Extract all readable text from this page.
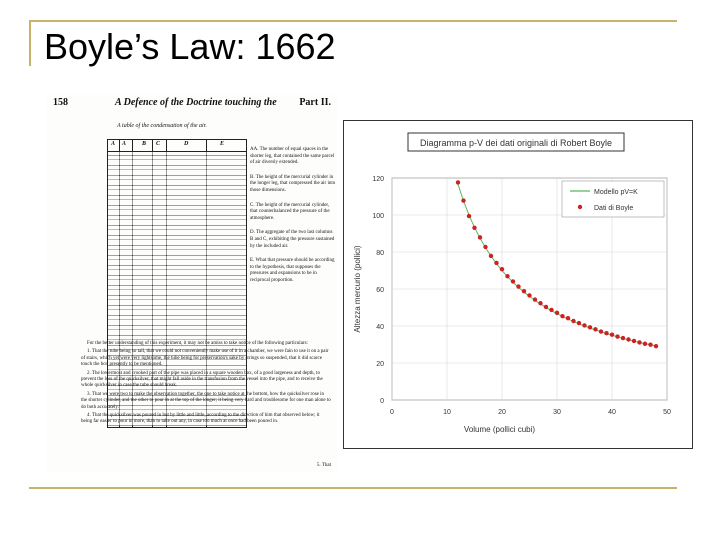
Boyle’s Law: 1662
158	A Defence of the Doctrine touching the Part II.
A table of the condensation of the air.
A A	B C	D	E

AA. The number of equal spaces in the shorter leg, that contained the same parcel of air diversly extended.

B. The height of the mercurial cylinder in the longer leg, that compressed the air into those dimensions.

C. The height of the mercurial cylinder, that counterbalanced the pressure of the atmosphere.

D. The aggregate of the two last columns B and C, exhibiting the pressure sustained by the included air.

E. What that pressure should be according to the hypothesis, that supposes the pressures and expansions to be in reciprocal proportion.

For the better understanding of this experiment, it may not be amiss to take notice of the following particulars:

1. That the tube being so tall, that we could not conveniently make use of it in a chamber, we were fain to use it on a pair of stairs, which yet were very lightsome, the tube being for preservation's sake by strings so suspended, that it did scarce touch the box presently to be mentioned.

2. The lowermost and crooked part of the pipe was placed in a square wooden box, of a good largeness and depth, to prevent the loss of the quicksilver, that might fall aside in the transfusion from the vessel into the pipe, and to receive the whole quicksilver in case the tube should break.

3. That we were two to make the observation together, the one to take notice at the bottom, how the quicksilver rose in the shorter cylinder, and the other to pour in at the top of the longer; it being very hard and troublesome for one man alone to do both accurately.

4. That the quicksilver was poured in but by little and little, according to the direction of him that observed below; it being far easier to pour in more, than to take out any, in case too much at once had been poured in.

5. That
Diagramma p-V dei dati originali di Robert Boyle
0	10	20	30	40	50
0
20
40
60
80
100
120
Volume (pollici cubi)
Altezza mercurio (pollici)
Modello pV=K
Dati di Boyle
